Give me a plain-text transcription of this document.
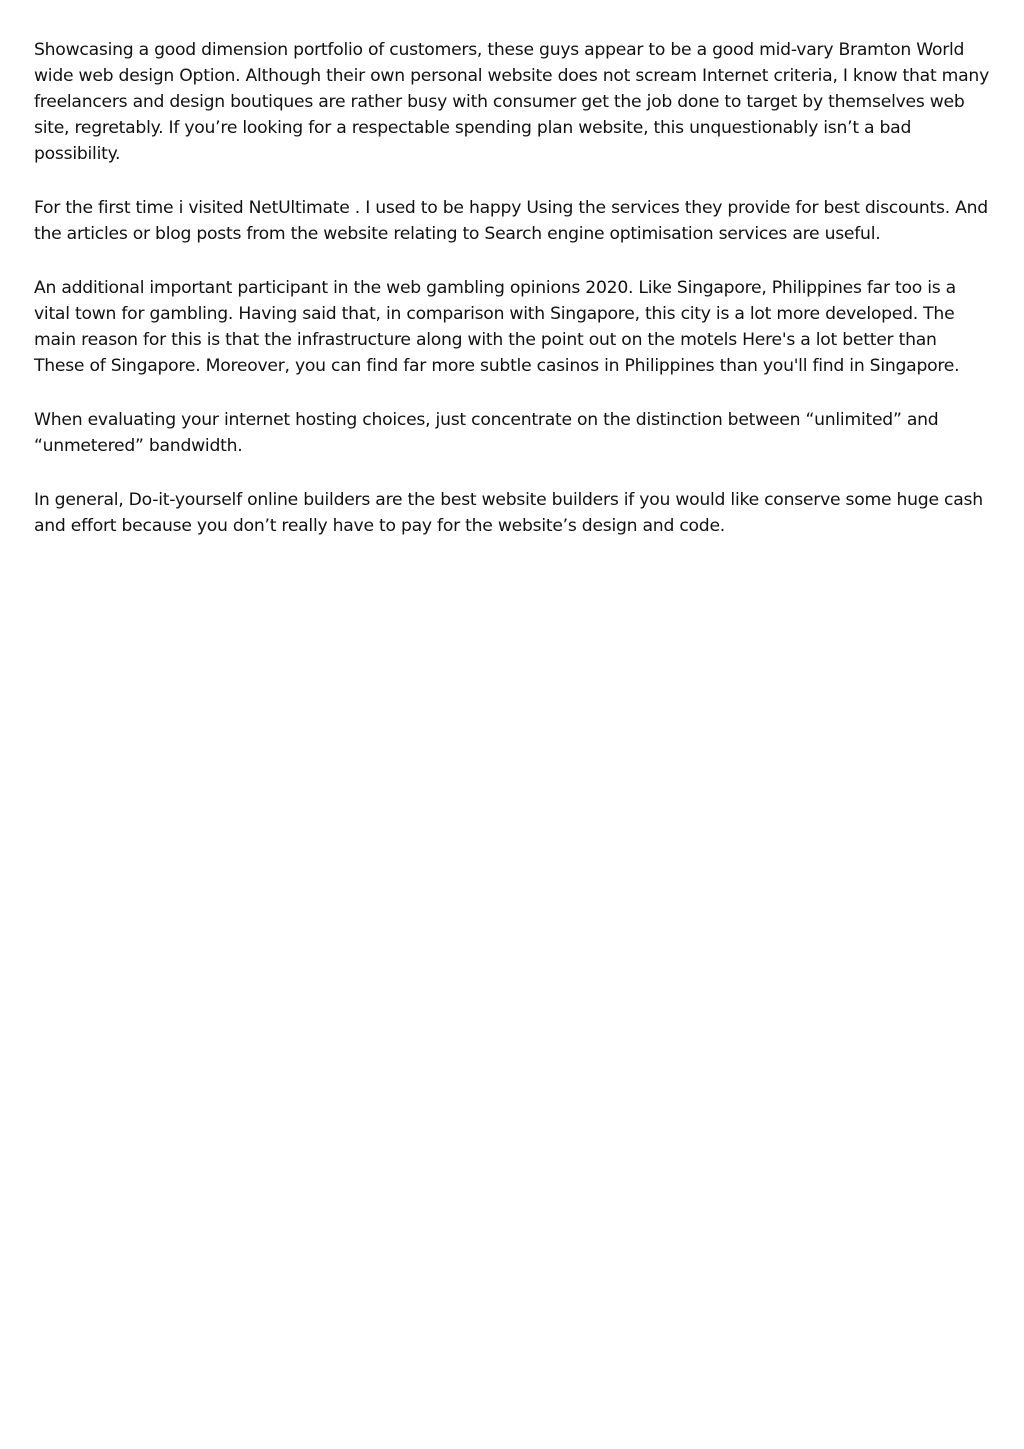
Showcasing a good dimension portfolio of customers, these guys appear to be a good mid-vary Bramton World wide web design Option. Although their own personal website does not scream Internet criteria, I know that many freelancers and design boutiques are rather busy with consumer get the job done to target by themselves web site, regretably. If you’re looking for a respectable spending plan website, this unquestionably isn’t a bad possibility.

For the first time i visited NetUltimate . I used to be happy Using the services they provide for best discounts. And the articles or blog posts from the website relating to Search engine optimisation services are useful.

An additional important participant in the web gambling opinions 2020. Like Singapore, Philippines far too is a vital town for gambling. Having said that, in comparison with Singapore, this city is a lot more developed. The main reason for this is that the infrastructure along with the point out on the motels Here's a lot better than These of Singapore. Moreover, you can find far more subtle casinos in Philippines than you'll find in Singapore.

When evaluating your internet hosting choices, just concentrate on the distinction between “unlimited” and “unmetered” bandwidth.

In general, Do-it-yourself online builders are the best website builders if you would like conserve some huge cash and effort because you don’t really have to pay for the website’s design and code.
